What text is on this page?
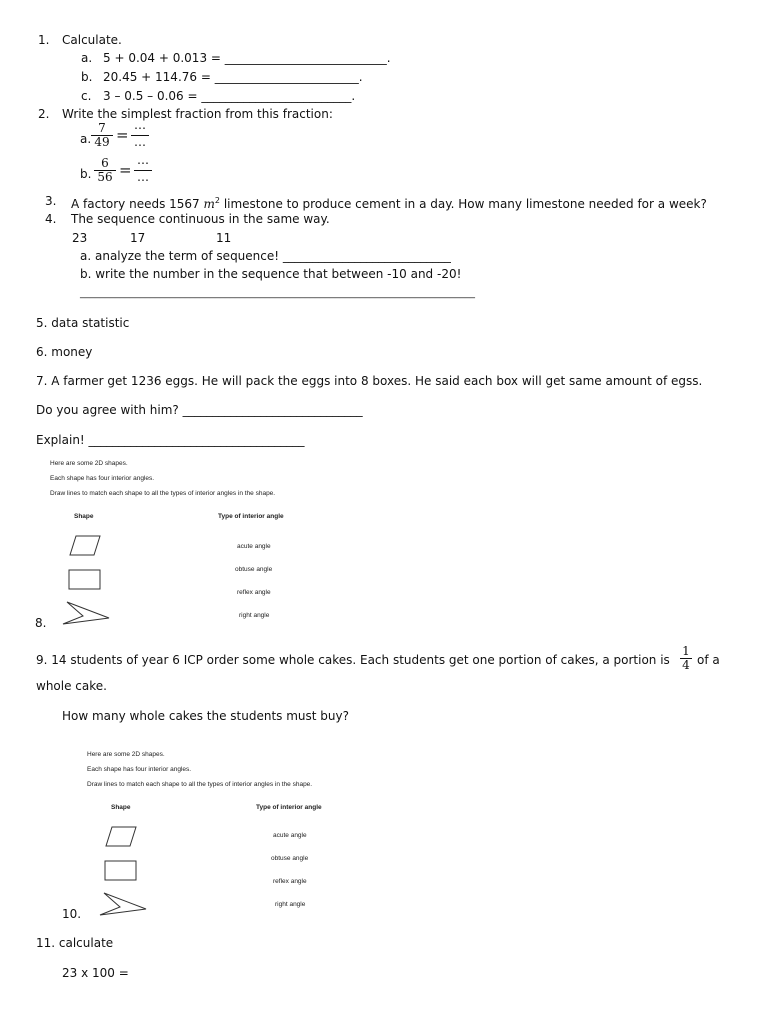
1. Calculate.
a. 5 + 0.04 + 0.013 = ___________________________.
b. 20.45 + 114.76 = ________________________.
c. 3 – 0.5 – 0.06 = _________________________.
2. Write the simplest fraction from this fraction:
a. $\frac{7}{49}$ = ⋯
…
b. $\frac{6}{56}$ = ⋯
…
3. A factory needs 1567 $m^2$ limestone to produce cement in a day. How many limestone needed for a week?
4. The sequence continuous in the same way.
23	17	11
a. analyze the term of sequence! ____________________________
b. write the number in the sequence that between -10 and -20!
_______________________________________________________________________________
5. data statistic
6. money
7. A farmer get 1236 eggs. He will pack the eggs into 8 boxes. He said each box will get same amount of egss.
Do you agree with him? ______________________________
Explain! ____________________________________
Here are some 2D shapes.
Each shape has four interior angles.
Draw lines to match each shape to all the types of interior angles in the shape.
Shape	Type of interior angle
acute angle
obtuse angle
reflex angle
right angle
8.
9. 14 students of year 6 ICP order some whole cakes. Each students get one portion of cakes, a portion is $\frac{1}{4}$ of a
whole cake.
How many whole cakes the students must buy?
Here are some 2D shapes.
Each shape has four interior angles.
Draw lines to match each shape to all the types of interior angles in the shape.
Shape	Type of interior angle
acute angle
obtuse angle
reflex angle
right angle
10.
11. calculate
23 x 100 =
